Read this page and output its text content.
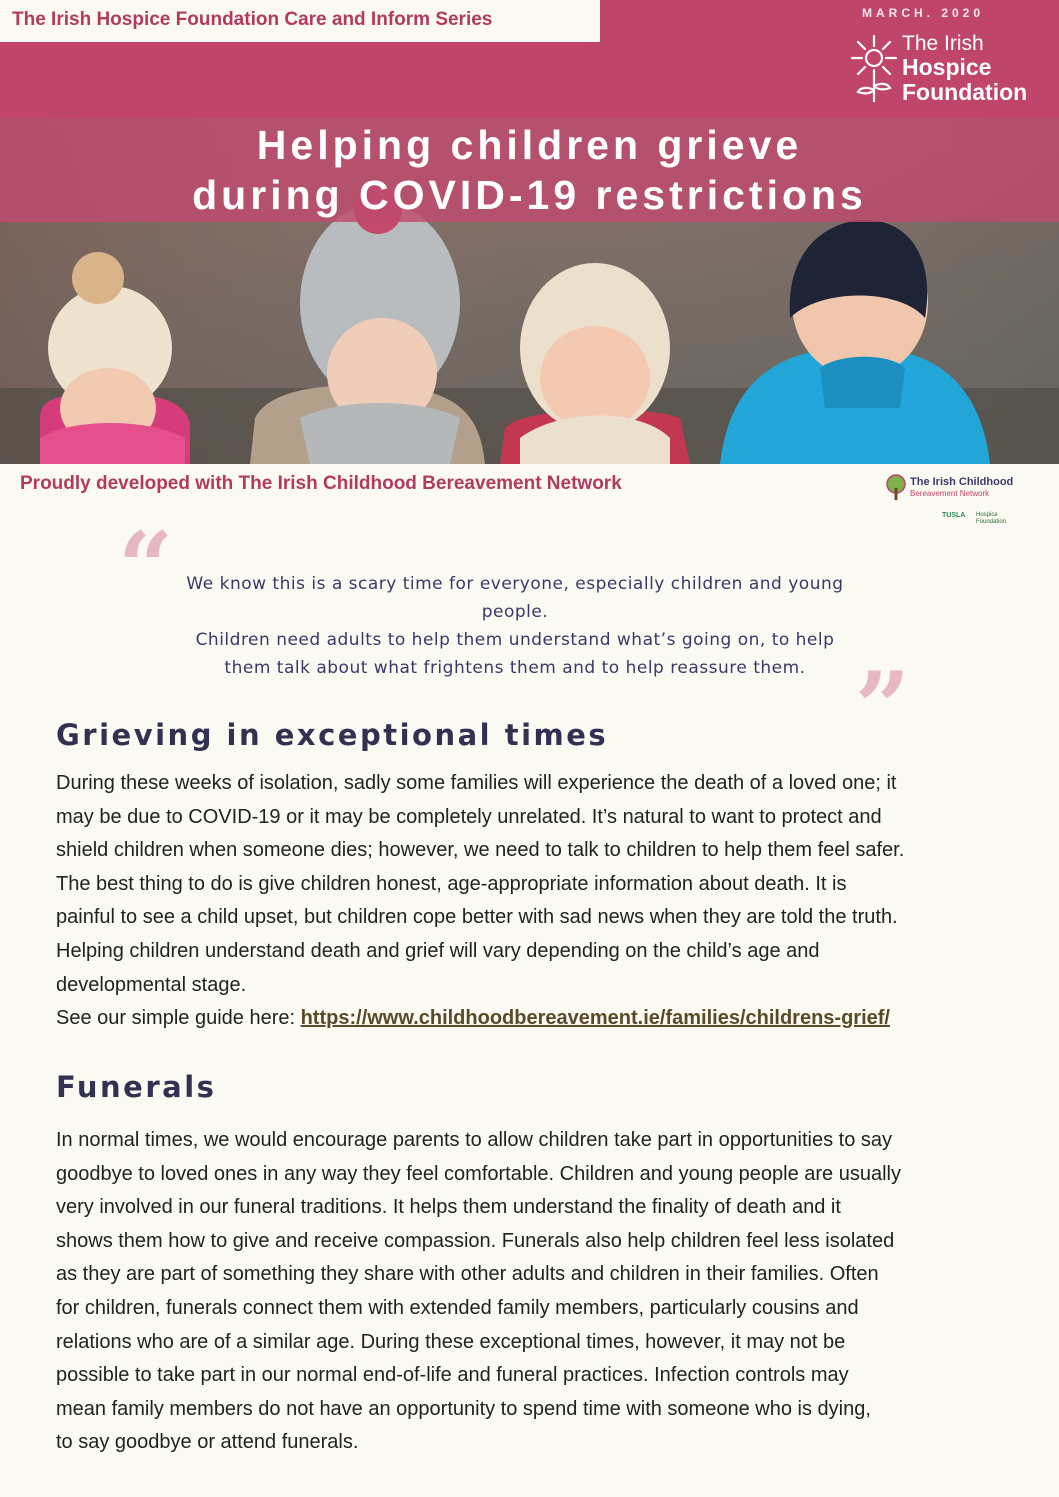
The Irish Hospice Foundation Care and Inform Series	MARCH. 2020
The Irish
Hospice
Foundation
Helping children grieve
during COVID-19 restrictions
Proudly developed with The Irish Childhood Bereavement Network	The Irish Childhood
Bereavement Network
TUSLA Hospice Foundation
“ We know this is a scary time for everyone, especially children and young
people.
Children need adults to help them understand what’s going on, to help
them talk about what frightens them and to help reassure them. ”
Grieving in exceptional times
During these weeks of isolation, sadly some families will experience the death of a loved one; it
may be due to COVID-19 or it may be completely unrelated. It’s natural to want to protect and
shield children when someone dies; however, we need to talk to children to help them feel safer.
The best thing to do is give children honest, age-appropriate information about death. It is
painful to see a child upset, but children cope better with sad news when they are told the truth.
Helping children understand death and grief will vary depending on the child’s age and
developmental stage.
See our simple guide here: https://www.childhoodbereavement.ie/families/childrens-grief/
Funerals
In normal times, we would encourage parents to allow children take part in opportunities to say
goodbye to loved ones in any way they feel comfortable. Children and young people are usually
very involved in our funeral traditions. It helps them understand the finality of death and it
shows them how to give and receive compassion. Funerals also help children feel less isolated
as they are part of something they share with other adults and children in their families. Often
for children, funerals connect them with extended family members, particularly cousins and
relations who are of a similar age. During these exceptional times, however, it may not be
possible to take part in our normal end-of-life and funeral practices. Infection controls may
mean family members do not have an opportunity to spend time with someone who is dying,
to say goodbye or attend funerals.
